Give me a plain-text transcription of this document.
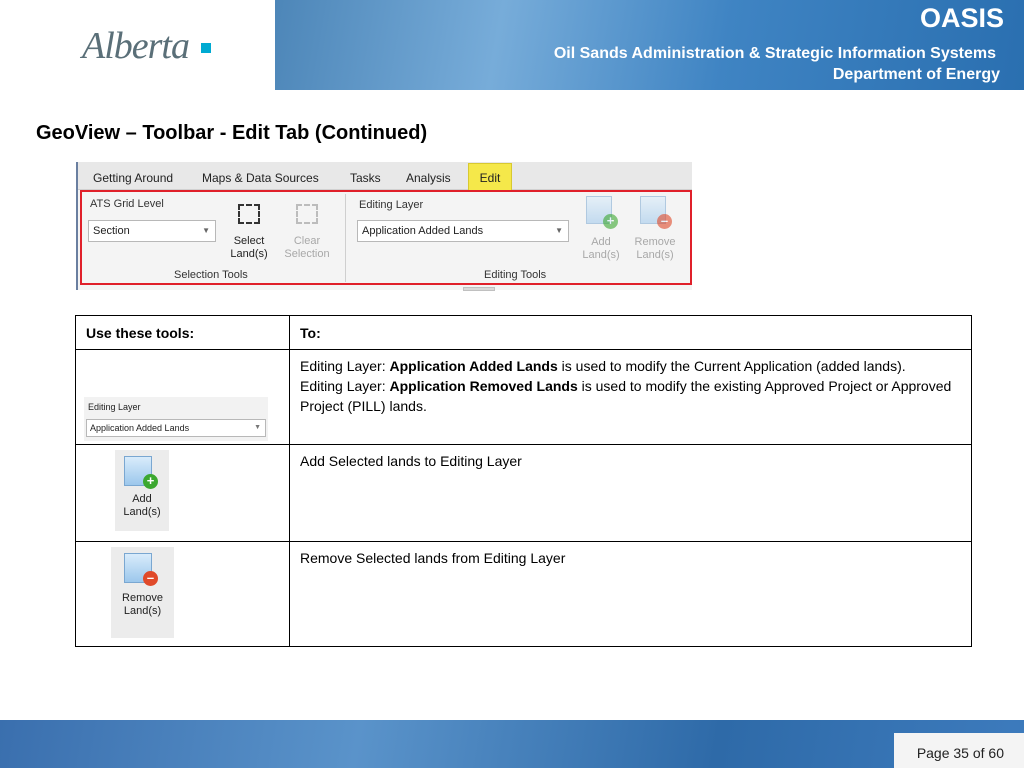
Alberta
OASIS
Oil Sands Administration & Strategic Information Systems
Department of Energy
GeoView – Toolbar - Edit Tab (Continued)
Getting Around Maps & Data Sources	Tasks Analysis	Edit
ATS Grid Level
Section	▼
Select
Land(s)
Clear
Selection
Selection Tools
Editing Layer
Application Added Lands	▼
+
Add
Land(s)
–
Remove
Land(s)
Editing Tools
Use these tools:	To:
Editing Layer
Application Added Lands	▼
Editing Layer: Application Added Lands is used to modify the Current Application (added lands).
Editing Layer: Application Removed Lands is used to modify the existing Approved Project or Approved Project (PILL) lands.
+
Add
Land(s)
Add Selected lands to Editing Layer
–
Remove
Land(s)
Remove Selected lands from Editing Layer
Page 35 of 60
